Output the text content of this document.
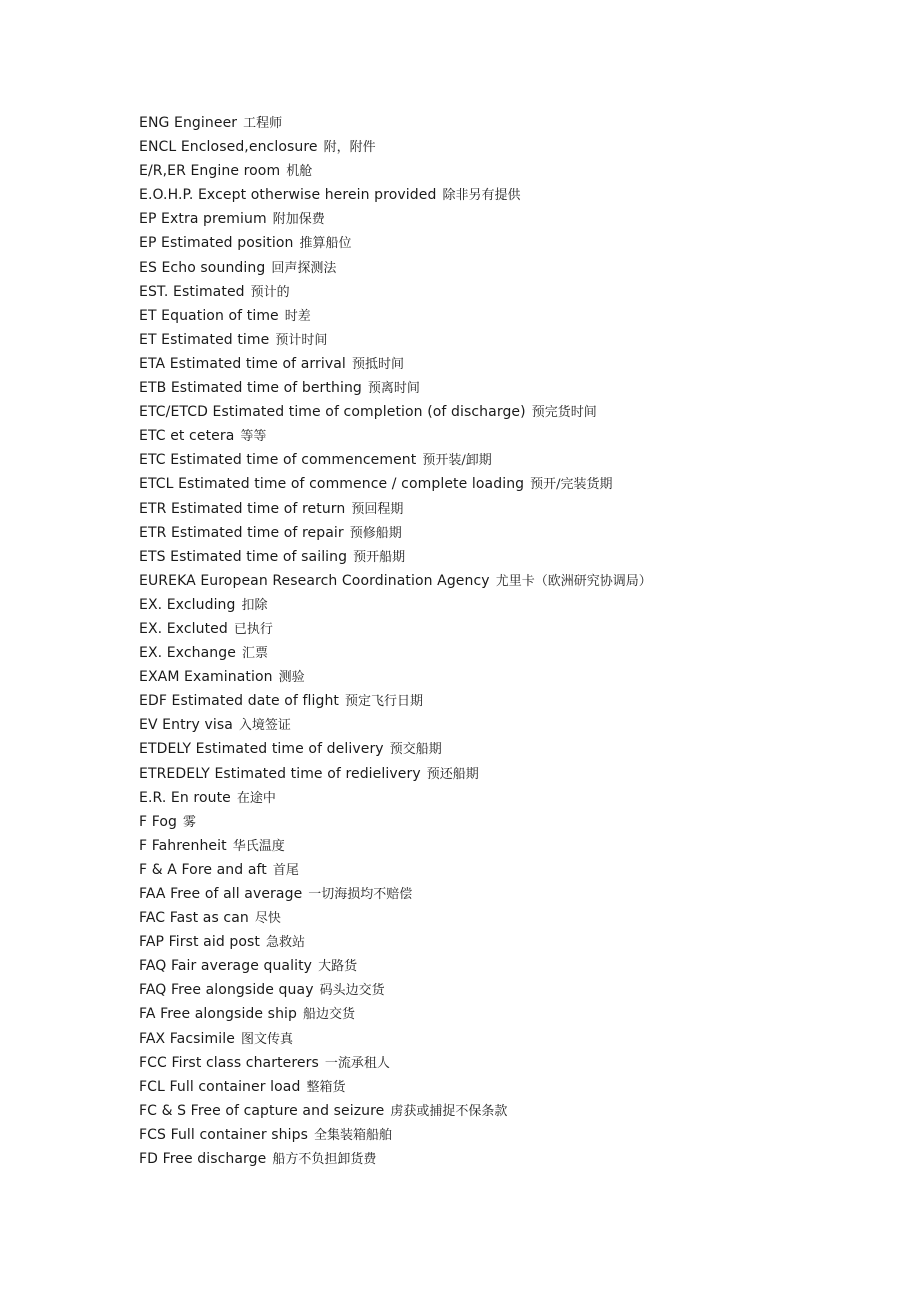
ENG Engineer 工程师
ENCL Enclosed,enclosure 附，附件
E/R,ER Engine room 机舱
E.O.H.P. Except otherwise herein provided 除非另有提供
EP Extra premium 附加保费
EP Estimated position 推算船位
ES Echo sounding 回声探测法
EST. Estimated 预计的
ET Equation of time 时差
ET Estimated time 预计时间
ETA Estimated time of arrival 预抵时间
ETB Estimated time of berthing 预离时间
ETC/ETCD Estimated time of completion (of discharge) 预完货时间
ETC et cetera 等等
ETC Estimated time of commencement 预开装/卸期
ETCL Estimated time of commence / complete loading 预开/完装货期
ETR Estimated time of return 预回程期
ETR Estimated time of repair 预修船期
ETS Estimated time of sailing 预开船期
EUREKA European Research Coordination Agency 尤里卡（欧洲研究协调局）
EX. Excluding 扣除
EX. Excluted 已执行
EX. Exchange 汇票
EXAM Examination 测验
EDF Estimated date of flight 预定飞行日期
EV Entry visa 入境签证
ETDELY Estimated time of delivery 预交船期
ETREDELY Estimated time of redielivery 预还船期
E.R. En route 在途中
F Fog 雾
F Fahrenheit 华氏温度
F & A Fore and aft 首尾
FAA Free of all average 一切海损均不赔偿
FAC Fast as can 尽快
FAP First aid post 急救站
FAQ Fair average quality 大路货
FAQ Free alongside quay 码头边交货
FA Free alongside ship 船边交货
FAX Facsimile 图文传真
FCC First class charterers 一流承租人
FCL Full container load 整箱货
FC & S Free of capture and seizure 虏获或捕捉不保条款
FCS Full container ships 全集装箱船舶
FD Free discharge 船方不负担卸货费
